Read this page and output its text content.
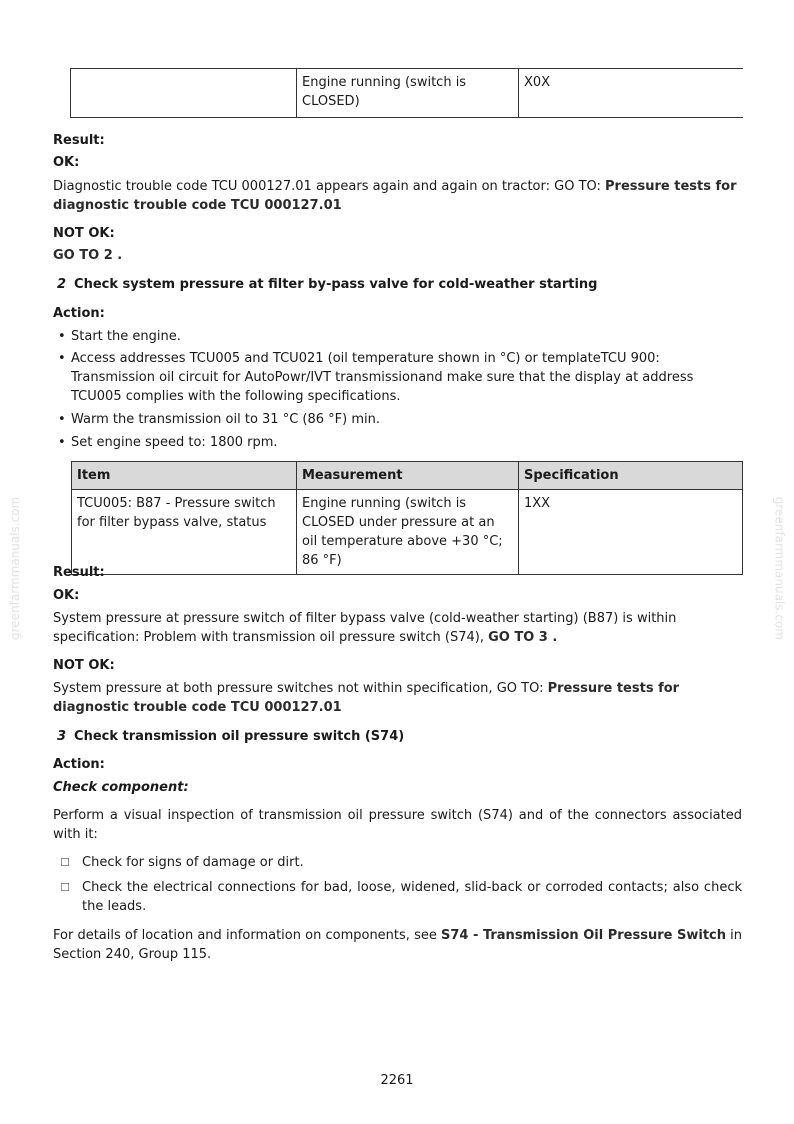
	Engine running (switch is CLOSED)	X0X
Result:
OK:
Diagnostic trouble code TCU 000127.01 appears again and again on tractor: GO TO: Pressure tests for diagnostic trouble code TCU 000127.01
NOT OK:
GO TO 2 .
2 Check system pressure at filter by-pass valve for cold-weather starting
Action:
• Start the engine.
• Access addresses TCU005 and TCU021 (oil temperature shown in °C) or templateTCU 900: Transmission oil circuit for AutoPowr/IVT transmissionand make sure that the display at address TCU005 complies with the following specifications.
• Warm the transmission oil to 31 °C (86 °F) min.
• Set engine speed to: 1800 rpm.
Item	Measurement	Specification
TCU005: B87 - Pressure switch for filter bypass valve, status	Engine running (switch is CLOSED under pressure at an oil temperature above +30 °C; 86 °F)	1XX
Result:
OK:
System pressure at pressure switch of filter bypass valve (cold-weather starting) (B87) is within specification: Problem with transmission oil pressure switch (S74), GO TO 3 .
NOT OK:
System pressure at both pressure switches not within specification, GO TO: Pressure tests for diagnostic trouble code TCU 000127.01
3 Check transmission oil pressure switch (S74)
Action:
Check component:
Perform a visual inspection of transmission oil pressure switch (S74) and of the connectors associated with it:
☐ Check for signs of damage or dirt.
☐ Check the electrical connections for bad, loose, widened, slid-back or corroded contacts; also check the leads.
For details of location and information on components, see S74 - Transmission Oil Pressure Switch in Section 240, Group 115.
greenfarmmanuals.com	greenfarmmanuals.com
2261
